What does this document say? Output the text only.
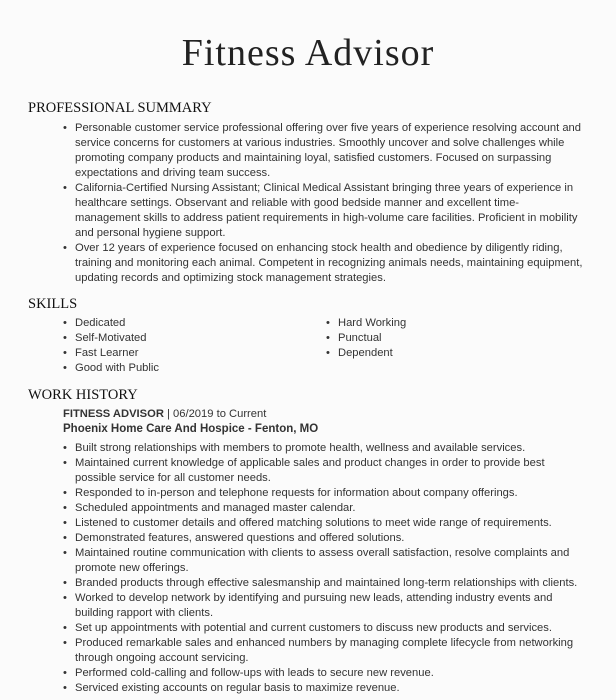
Fitness Advisor
PROFESSIONAL SUMMARY
• Personable customer service professional offering over five years of experience resolving account and service concerns for customers at various industries. Smoothly uncover and solve challenges while promoting company products and maintaining loyal, satisfied customers. Focused on surpassing expectations and driving team success.
• California-Certified Nursing Assistant; Clinical Medical Assistant bringing three years of experience in healthcare settings. Observant and reliable with good bedside manner and excellent time-management skills to address patient requirements in high-volume care facilities. Proficient in mobility and personal hygiene support.
• Over 12 years of experience focused on enhancing stock health and obedience by diligently riding, training and monitoring each animal. Competent in recognizing animals needs, maintaining equipment, updating records and optimizing stock management strategies.
SKILLS
• Dedicated
• Self-Motivated
• Fast Learner
• Good with Public
• Hard Working
• Punctual
• Dependent
WORK HISTORY
FITNESS ADVISOR | 06/2019 to Current
Phoenix Home Care And Hospice - Fenton, MO
• Built strong relationships with members to promote health, wellness and available services.
• Maintained current knowledge of applicable sales and product changes in order to provide best possible service for all customer needs.
• Responded to in-person and telephone requests for information about company offerings.
• Scheduled appointments and managed master calendar.
• Listened to customer details and offered matching solutions to meet wide range of requirements.
• Demonstrated features, answered questions and offered solutions.
• Maintained routine communication with clients to assess overall satisfaction, resolve complaints and promote new offerings.
• Branded products through effective salesmanship and maintained long-term relationships with clients.
• Worked to develop network by identifying and pursuing new leads, attending industry events and building rapport with clients.
• Set up appointments with potential and current customers to discuss new products and services.
• Produced remarkable sales and enhanced numbers by managing complete lifecycle from networking through ongoing account servicing.
• Performed cold-calling and follow-ups with leads to secure new revenue.
• Serviced existing accounts on regular basis to maximize revenue.
